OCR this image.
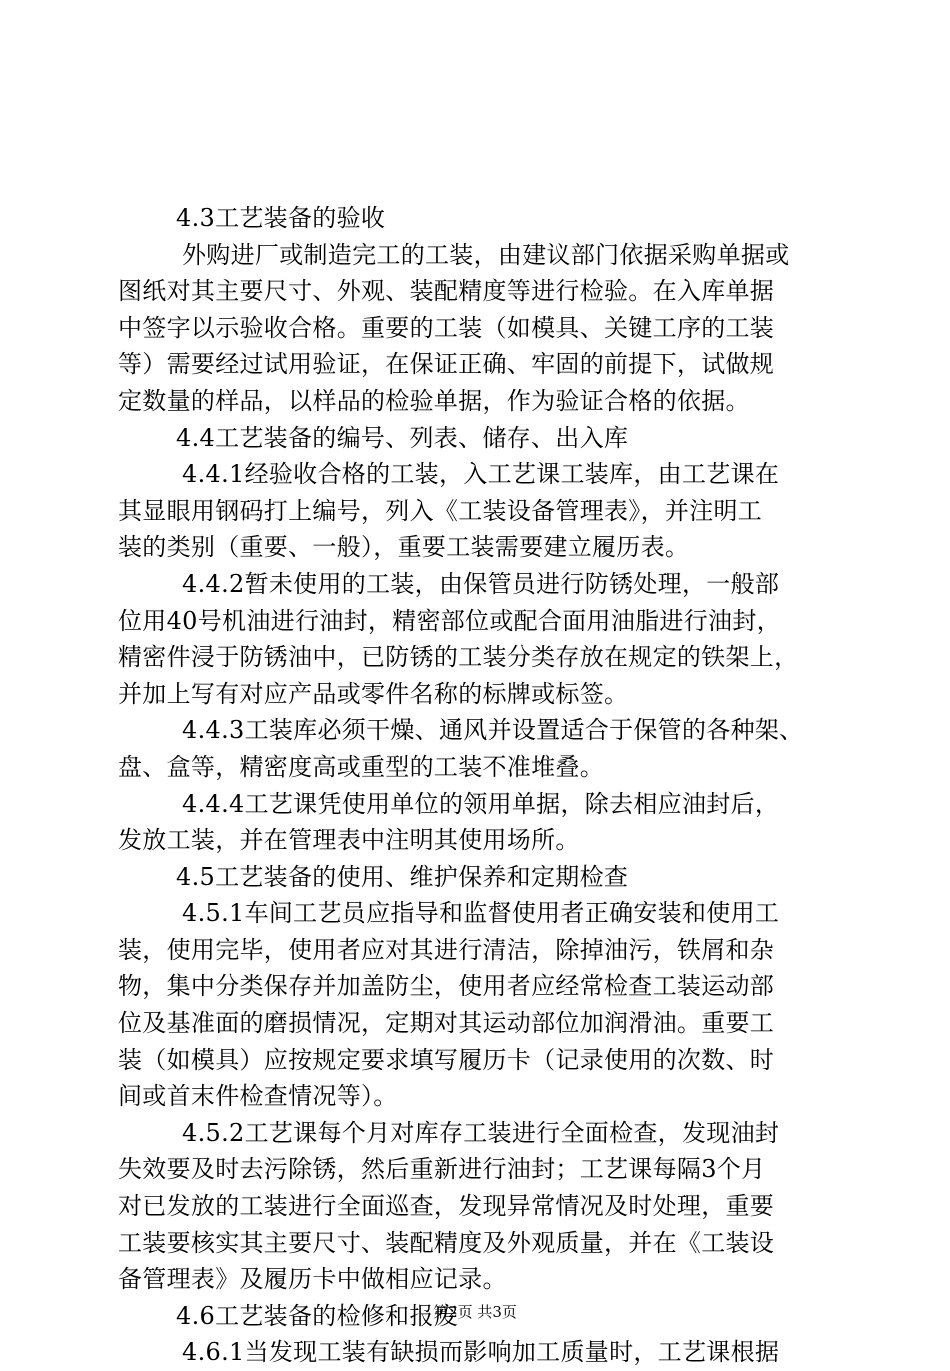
4.3工艺装备的验收
外购进厂或制造完工的工装，由建议部门依据采购单据或
图纸对其主要尺寸、外观、装配精度等进行检验。在入库单据
中签字以示验收合格。重要的工装（如模具、关键工序的工装
等）需要经过试用验证，在保证正确、牢固的前提下，试做规
定数量的样品，以样品的检验单据，作为验证合格的依据。
4.4工艺装备的编号、列表、储存、出入库
4.4.1经验收合格的工装，入工艺课工装库，由工艺课在
其显眼用钢码打上编号，列入《工装设备管理表》，并注明工
装的类别（重要、一般），重要工装需要建立履历表。
4.4.2暂未使用的工装，由保管员进行防锈处理，一般部
位用40号机油进行油封，精密部位或配合面用油脂进行油封，
精密件浸于防锈油中，已防锈的工装分类存放在规定的铁架上，
并加上写有对应产品或零件名称的标牌或标签。
4.4.3工装库必须干燥、通风并设置适合于保管的各种架、
盘、盒等，精密度高或重型的工装不准堆叠。
4.4.4工艺课凭使用单位的领用单据，除去相应油封后，
发放工装，并在管理表中注明其使用场所。
4.5工艺装备的使用、维护保养和定期检查
4.5.1车间工艺员应指导和监督使用者正确安装和使用工
装，使用完毕，使用者应对其进行清洁，除掉油污，铁屑和杂
物，集中分类保存并加盖防尘，使用者应经常检查工装运动部
位及基准面的磨损情况，定期对其运动部位加润滑油。重要工
装（如模具）应按规定要求填写履历卡（记录使用的次数、时
间或首末件检查情况等）。
4.5.2工艺课每个月对库存工装进行全面检查，发现油封
失效要及时去污除锈，然后重新进行油封；工艺课每隔3个月
对已发放的工装进行全面巡查，发现异常情况及时处理，重要
工装要核实其主要尺寸、装配精度及外观质量，并在《工装设
备管理表》及履历卡中做相应记录。
4.6工艺装备的检修和报废
4.6.1当发现工装有缺损而影响加工质量时，工艺课根据
第2页 共3页
